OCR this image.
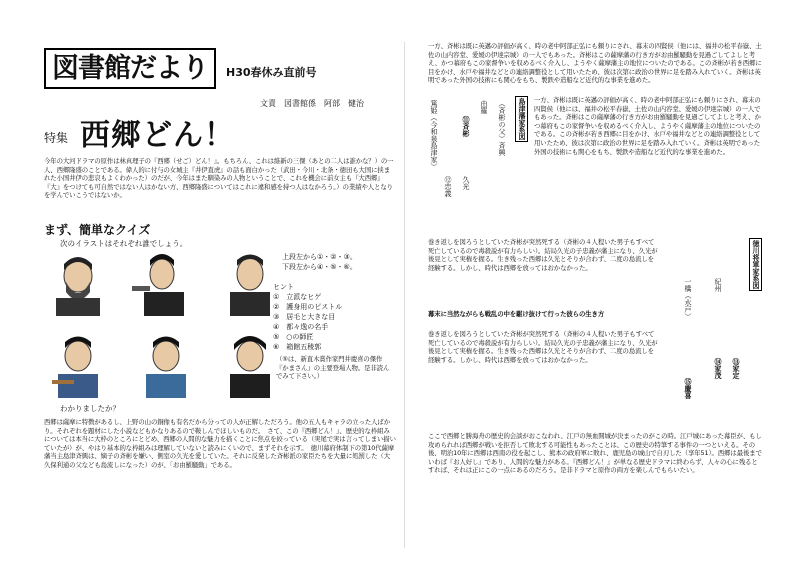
図書館だより	H30春休み直前号
文責　図書館係　阿部　健治
特集 西郷どん！
今年の大河ドラマの原作は林真理子の『西郷（せご）どん！』。もちろん、これは維新の三傑（あとの二人は誰かな？）の一人、西郷隆盛のことである。偉人的に付与の女城主『井伊直虎』の話も面白かった（武田・今川・北条・徳田も大国に挟まれた小国井伊の悲哀もよくわかった）のだが、今年はまた馴染みの人物ということで、これを機会に前女主も『大西郷』『大』をつけても可自然ではない人はかない方、西郷隆盛についてはこれに違和感を持つ人はなかろう。）の業績や人となりを学んでいこうではないか。
まず、簡単なクイズ
次のイラストはそれぞれ誰でしょう。
上段左から①・②・③。
下段左から④・⑤・⑥。
ヒント
①　立派なヒゲ
②　護身用のピストル
③　居毛と大きな目
④　都々逸の名手
⑤　○の師匠
⑥　箱館五稜郭
（⑤は、新直木賞作家門井慶喜の傑作『かまさん』の主要登場人物。是非読んでみて下さい。）
わかりましたか？
西郷は薩摩に特徴があるし、上野の山の銅像も有名だから分っての人が正解しただろう。他の五人もキャラの立った人ばかり。それぞれを題材にした小説などもかなりあるので鞍しんでほしいものだ。　さて、この『西郷どん！』、歴史的な枠組みについては本当に大枠のところにとどめ、西郷の人間的な魅力を描くことに焦点を絞っている（実尾で実は言ってしまい描いていたが）が、やはり基本的な枠組みは理解していないと読みにくいので、まずそれを示す。　徳川幕府体制下の第10代薩摩藩当主島津斉興は、嫡子の斉彬を嫌い、側室の久光を愛していた。それに反発した斉彬派の家臣たちを大量に処罰した（大久保利通の父なども島流しになった）のが、「お由羅騒動」である。
一方、斉彬は既に英邁の評価が高く、時の老中阿部正弘にも頼りにされ、幕末の四賢侯（他には、福井の松平春嶽、土佐の山内容堂、愛媛の伊達宗城）の一人でもあった。斉彬はこの薩摩藩の行き方がお由羅騒動を見過ごしてよしと考え、かつ幕府もこの家督争いを収めるべく介入し、ようやく薩摩藩主の地位についたのである。この斉彬が若き西郷に目をかけ、水戸や福井などとの連絡調整役として用いたため、彼は次第に政治の世界に足を踏み入れていく。斉彬は英明であった外国の技術にも関心をもち、製鉄や造船など近代的な事業を進めた。
島津藩家系図
（斉彬の父）斉興
由羅
⑪斉彬
久光
⑫忠義
篤姫（今和泉島津家）	一方、斉彬は既に英邁の評価が高く、時の老中阿部正弘にも頼りにされ、幕末の四賢侯（他には、福井の松平春嶽、土佐の山内容堂、愛媛の伊達宗城）の一人でもあった。斉彬はこの薩摩藩の行き方がお由羅騒動を見過ごしてよしと考え、かつ幕府もこの家督争いを収めるべく介入し、ようやく薩摩藩主の地位についたのである。この斉彬が若き西郷に目をかけ、水戸や福井などとの連絡調整役として用いたため、彼は次第に政治の世界に足を踏み入れていく。斉彬は英明であった外国の技術にも関心をもち、製鉄や造船など近代的な事業を進めた。
巻き返しを図ろうとしていた斉彬が突然死する（斉彬の４人程いた男子もすべて死亡しているので毒殺説が有力らしい）。結局久光の子忠義が藩主になり、久光が後見として実権を握る。生き残った西郷は久光とそりが合わず、二度の島流しを経験する。しかし、時代は西郷を放ってはおかなかった。
幕末に当然ながらも戦乱の中を駆け抜けて行った彼らの生き方
徳川将軍家系図
⑬家定
⑭家茂
⑮慶喜
一橋（水戸）	紀州
巻き返しを図ろうとしていた斉彬が突然死する（斉彬の４人程いた男子もすべて死亡しているので毒殺説が有力らしい）。結局久光の子忠義が藩主になり、久光が後見として実権を握る。生き残った西郷は久光とそりが合わず、二度の島流しを経験する。しかし、時代は西郷を放ってはおかなかった。
ここで西郷と勝海舟の歴史的会談がおこなわれ、江戸の無血開城が決まったのがこの時。江戸城にあった幕臣が、もし攻められれば西郷が戦いを拒否して敗北する可能性もあったことは、この歴史の特筆する事件の一つといえる。その後、明治10年に西郷は西南の役を起こし、熊本の政府軍に敗れ、鹿児島の城山で自刃した（享年51）。西郷は最後までいわば『お人好し』であり、人間的な魅力がある。『西郷どん！』が単なる歴史ドラマに終わらず、人々の心に残るとすれば、それは正にこの一点にあるのだろう。是非ドラマと原作の両方を楽しんでもらいたい。
